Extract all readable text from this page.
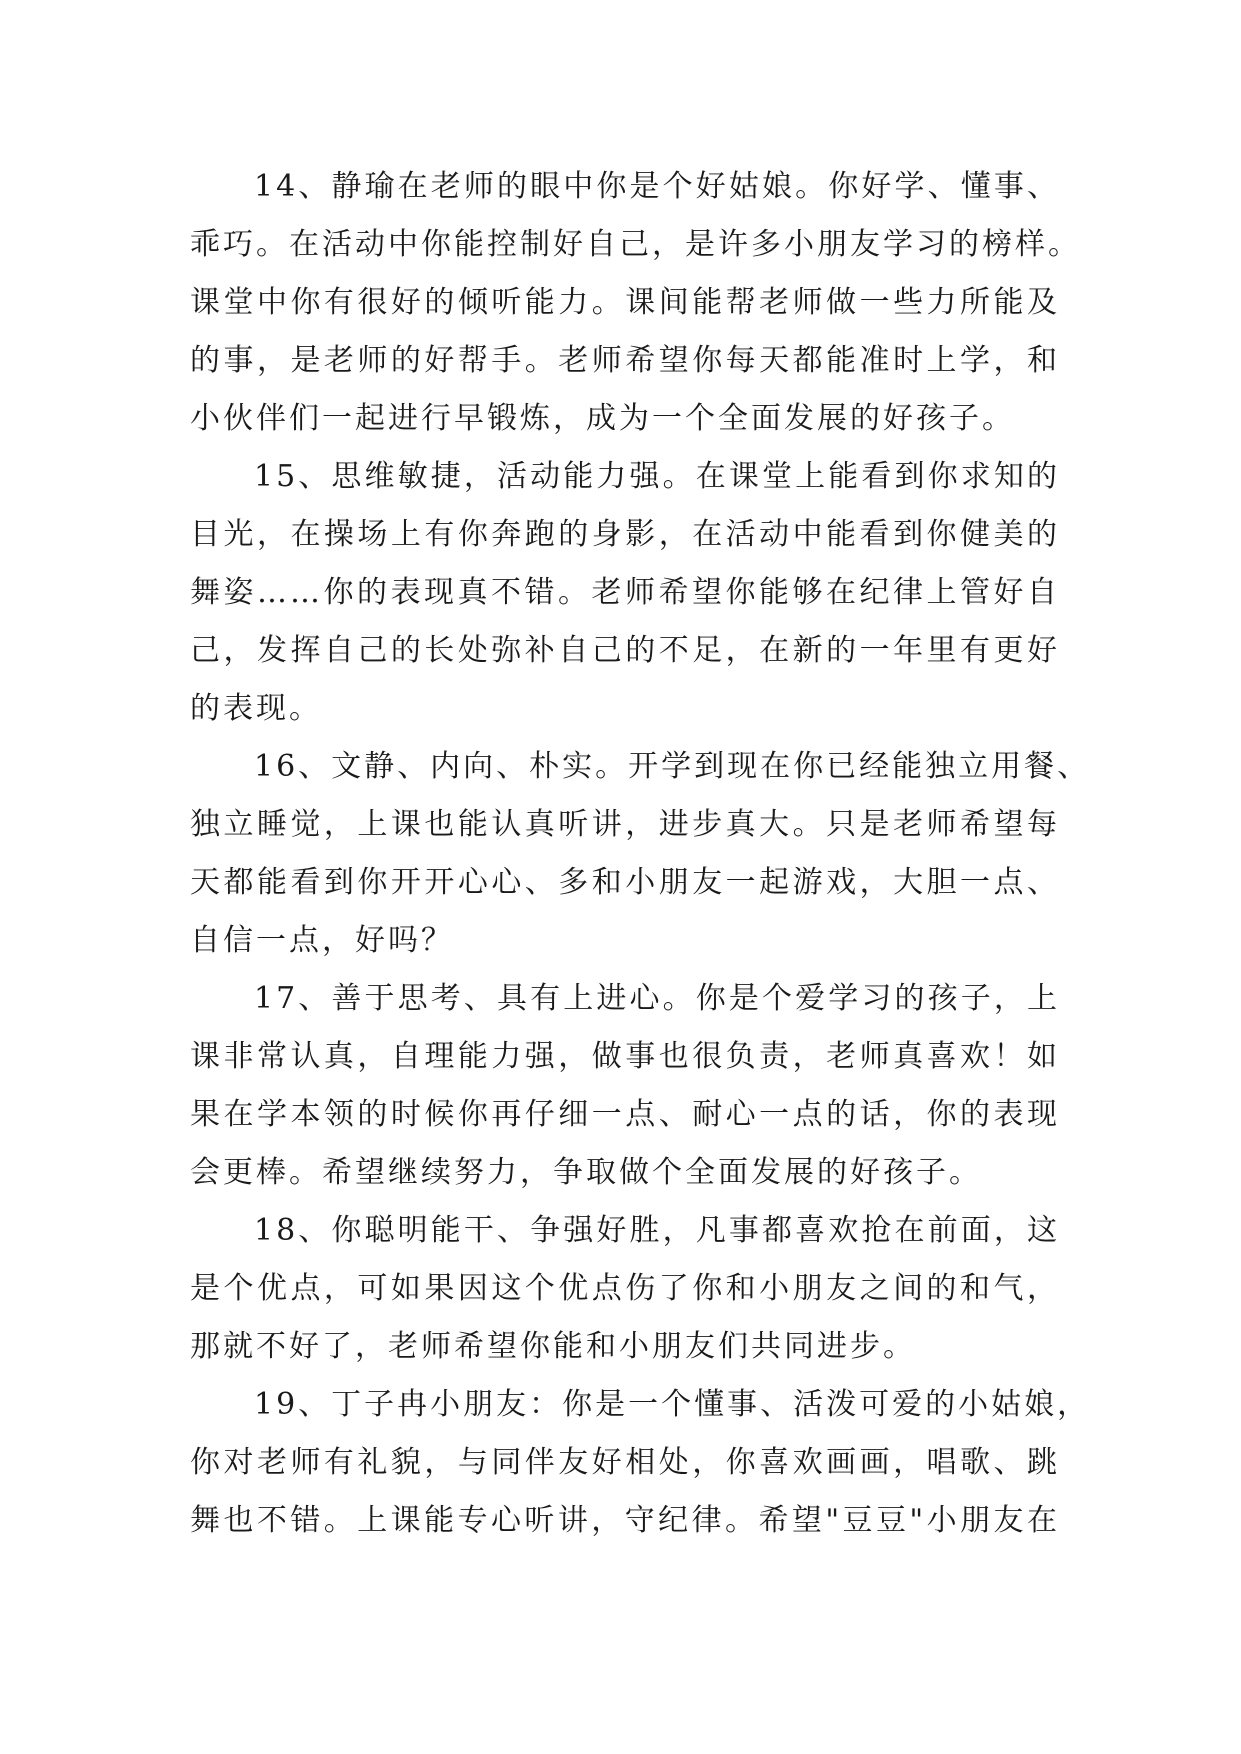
14、静瑜在老师的眼中你是个好姑娘。你好学、懂事、
乖巧。在活动中你能控制好自己，是许多小朋友学习的榜样。
课堂中你有很好的倾听能力。课间能帮老师做一些力所能及
的事，是老师的好帮手。老师希望你每天都能准时上学，和
小伙伴们一起进行早锻炼，成为一个全面发展的好孩子。
15、思维敏捷，活动能力强。在课堂上能看到你求知的
目光，在操场上有你奔跑的身影，在活动中能看到你健美的
舞姿……你的表现真不错。老师希望你能够在纪律上管好自
己，发挥自己的长处弥补自己的不足，在新的一年里有更好
的表现。
16、文静、内向、朴实。开学到现在你已经能独立用餐、
独立睡觉，上课也能认真听讲，进步真大。只是老师希望每
天都能看到你开开心心、多和小朋友一起游戏，大胆一点、
自信一点，好吗？
17、善于思考、具有上进心。你是个爱学习的孩子，上
课非常认真，自理能力强，做事也很负责，老师真喜欢！如
果在学本领的时候你再仔细一点、耐心一点的话，你的表现
会更棒。希望继续努力，争取做个全面发展的好孩子。
18、你聪明能干、争强好胜，凡事都喜欢抢在前面，这
是个优点，可如果因这个优点伤了你和小朋友之间的和气，
那就不好了，老师希望你能和小朋友们共同进步。
19、丁子冉小朋友：你是一个懂事、活泼可爱的小姑娘，
你对老师有礼貌，与同伴友好相处，你喜欢画画，唱歌、跳
舞也不错。上课能专心听讲，守纪律。希望"豆豆"小朋友在
